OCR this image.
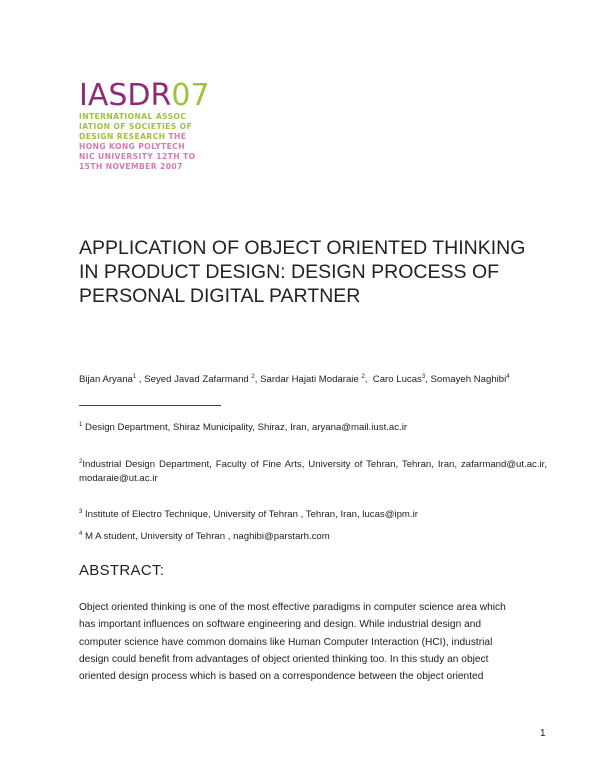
IASDR07
INTERNATIONAL ASSOC
IATION OF SOCIETIES OF
DESIGN RESEARCH THE
HONG KONG POLYTECH
NIC UNIVERSITY 12TH TO
15TH NOVEMBER 2007
APPLICATION OF OBJECT ORIENTED THINKING
IN PRODUCT DESIGN: DESIGN PROCESS OF
PERSONAL DIGITAL PARTNER
Bijan Aryana$^1$ , Seyed Javad Zafarmand $^2$, Sardar Hajati Modaraie $^2$,  Caro Lucas$^3$, Somayeh Naghibi$^4$
$^1$ Design Department, Shiraz Municipality, Shiraz, Iran, aryana@mail.iust.ac.ir
$^2$Industrial Design Department, Faculty of Fine Arts, University of Tehran, Tehran, Iran, zafarmand@ut.ac.ir, modaraie@ut.ac.ir
$^3$ Institute of Electro Technique, University of Tehran , Tehran, Iran, lucas@ipm.ir
$^4$ M A student, University of Tehran , naghibi@parstarh.com
ABSTRACT:
Object oriented thinking is one of the most effective paradigms in computer science area which
has important influences on software engineering and design. While industrial design and
computer science have common domains like Human Computer Interaction (HCI), industrial
design could benefit from advantages of object oriented thinking too. In this study an object
oriented design process which is based on a correspondence between the object oriented
1
